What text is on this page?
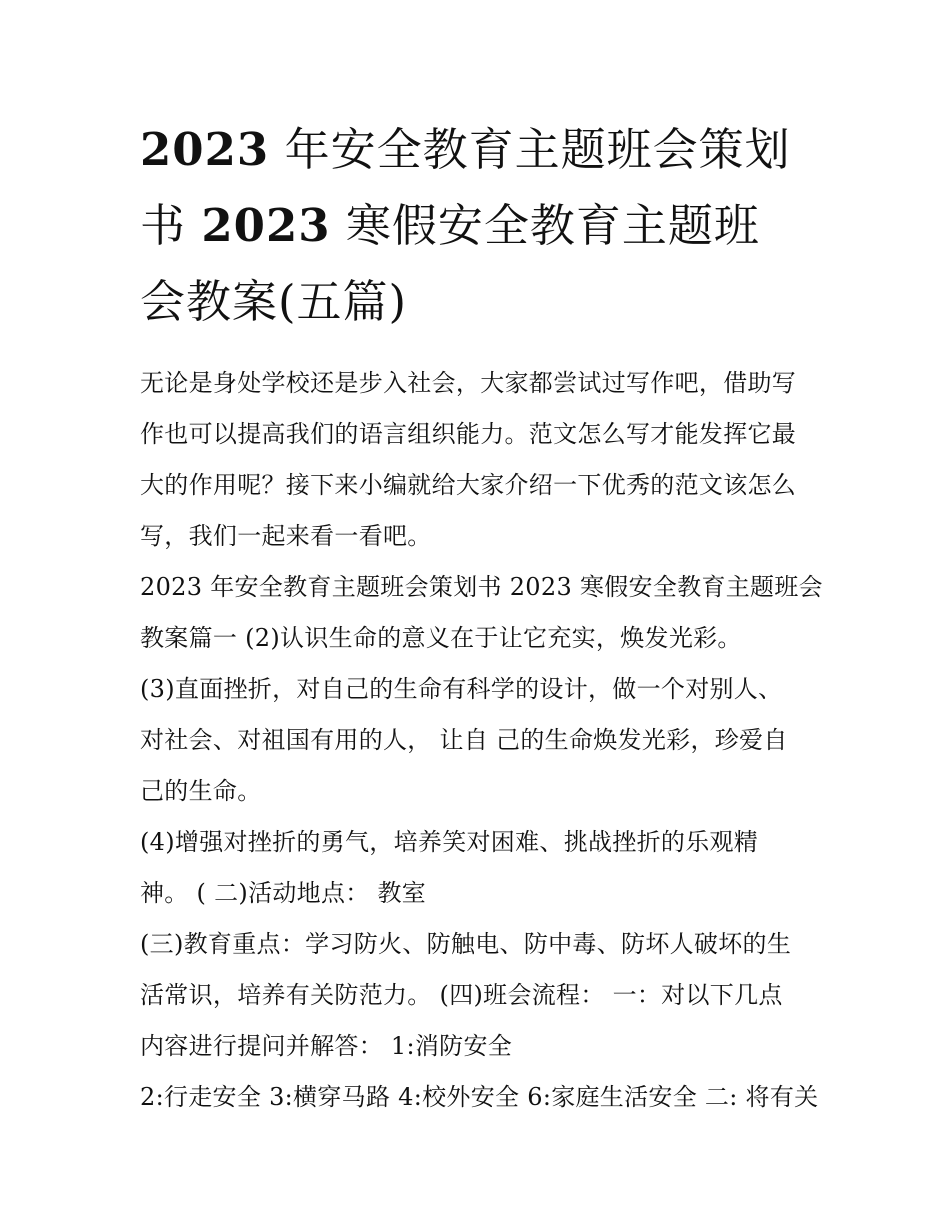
2023 年安全教育主题班会策划
书 2023 寒假安全教育主题班
会教案(五篇)
无论是身处学校还是步入社会，大家都尝试过写作吧，借助写
作也可以提高我们的语言组织能力。范文怎么写才能发挥它最
大的作用呢？接下来小编就给大家介绍一下优秀的范文该怎么
写，我们一起来看一看吧。
2023 年安全教育主题班会策划书 2023 寒假安全教育主题班会
教案篇一 (2)认识生命的意义在于让它充实，焕发光彩。
(3)直面挫折，对自己的生命有科学的设计，做一个对别人、
对社会、对祖国有用的人， 让自 己的生命焕发光彩，珍爱自
己的生命。
(4)增强对挫折的勇气，培养笑对困难、挑战挫折的乐观精
神。 ( 二)活动地点： 教室
(三)教育重点：学习防火、防触电、防中毒、防坏人破坏的生
活常识，培养有关防范力。 (四)班会流程： 一：对以下几点
内容进行提问并解答： 1:消防安全
2:行走安全 3:横穿马路 4:校外安全 6:家庭生活安全 二: 将有关
